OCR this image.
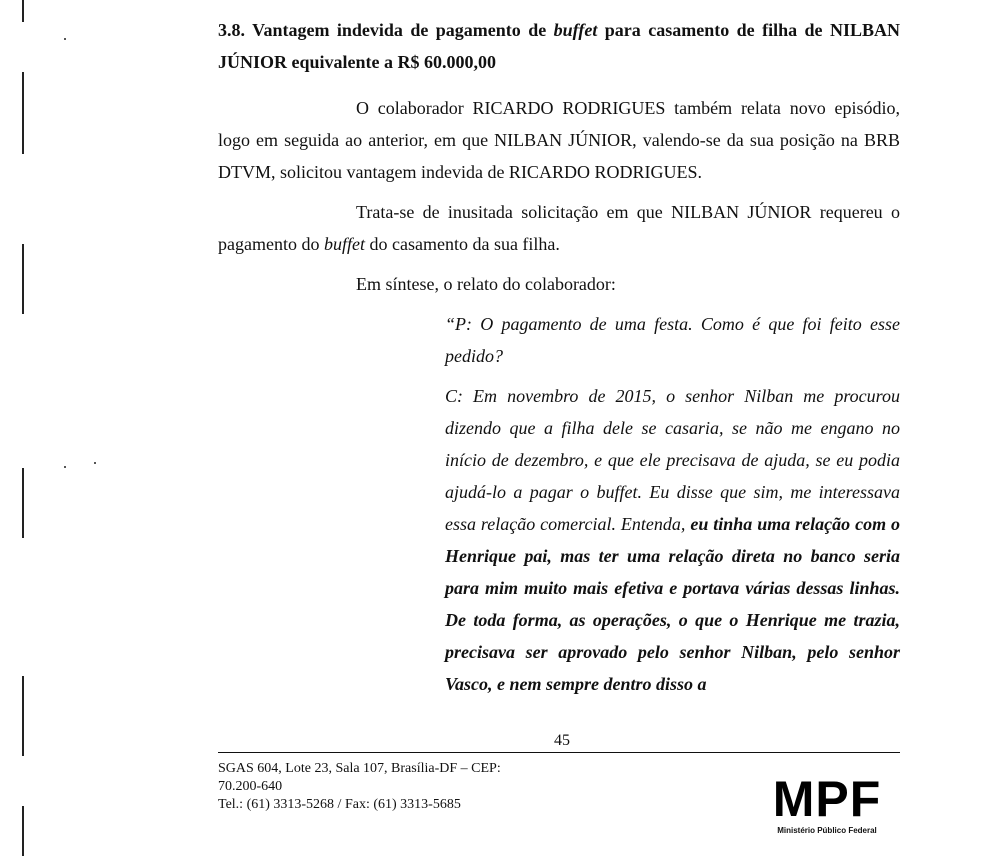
3.8. Vantagem indevida de pagamento de buffet para casamento de filha de NILBAN JÚNIOR equivalente a R$ 60.000,00

O colaborador RICARDO RODRIGUES também relata novo episódio, logo em seguida ao anterior, em que NILBAN JÚNIOR, valendo-se da sua posição na BRB DTVM, solicitou vantagem indevida de RICARDO RODRIGUES.

Trata-se de inusitada solicitação em que NILBAN JÚNIOR requereu o pagamento do buffet do casamento da sua filha.

Em síntese, o relato do colaborador:

“P: O pagamento de uma festa. Como é que foi feito esse pedido?

C: Em novembro de 2015, o senhor Nilban me procurou dizendo que a filha dele se casaria, se não me engano no início de dezembro, e que ele precisava de ajuda, se eu podia ajudá-lo a pagar o buffet. Eu disse que sim, me interessava essa relação comercial. Entenda, eu tinha uma relação com o Henrique pai, mas ter uma relação direta no banco seria para mim muito mais efetiva e portava várias dessas linhas. De toda forma, as operações, o que o Henrique me trazia, precisava ser aprovado pelo senhor Nilban, pelo senhor Vasco, e nem sempre dentro disso a

45
SGAS 604, Lote 23, Sala 107, Brasília-DF – CEP:
70.200-640
Tel.: (61) 3313-5268 / Fax: (61) 3313-5685	MPF
Ministério Público Federal
